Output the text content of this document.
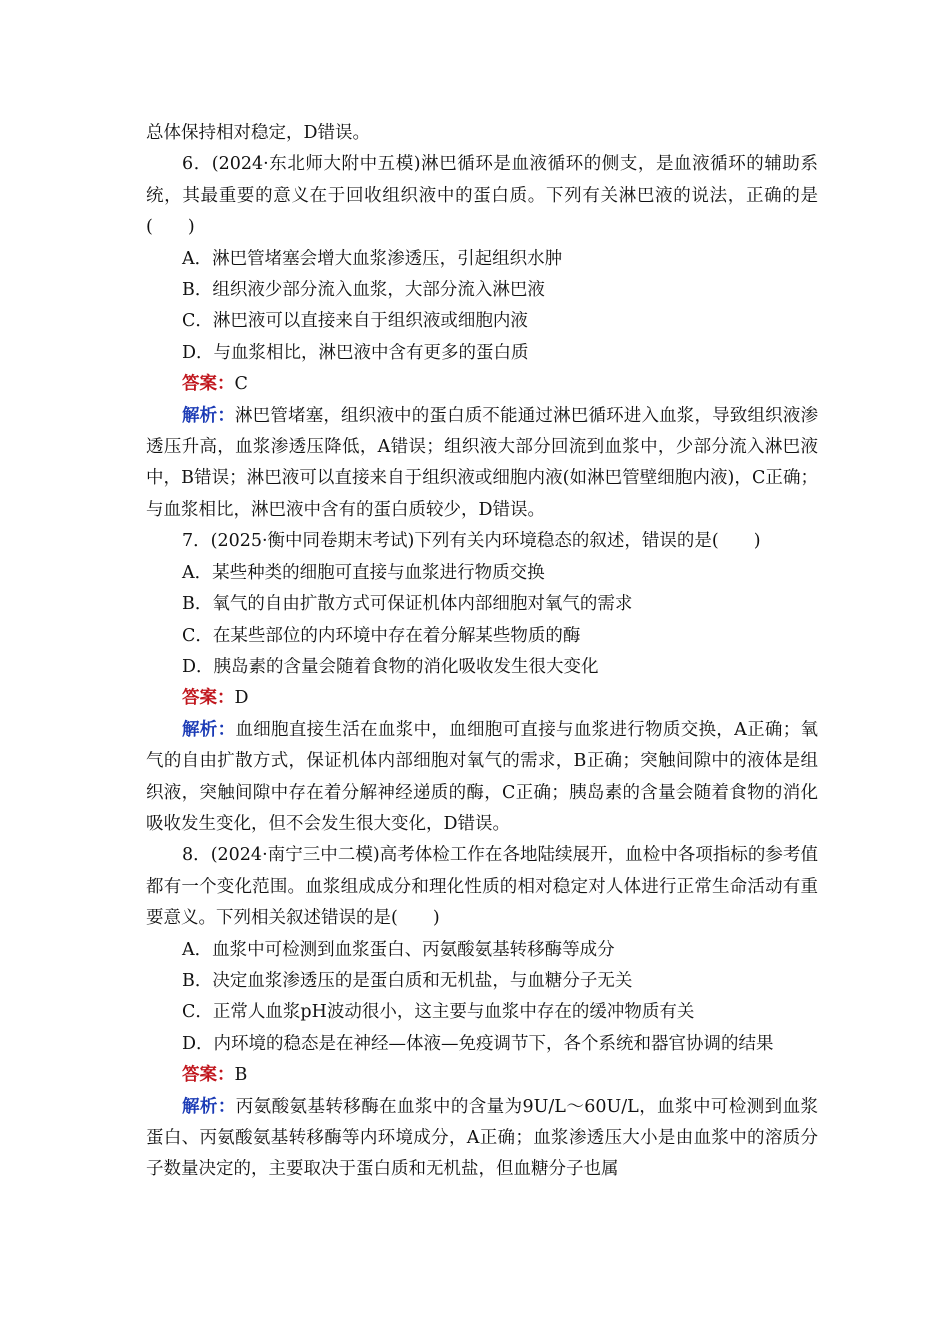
总体保持相对稳定，D错误。

6．(2024·东北师大附中五模)淋巴循环是血液循环的侧支，是血液循环的辅助系统，其最重要的意义在于回收组织液中的蛋白质。下列有关淋巴液的说法，正确的是(　　)

A．淋巴管堵塞会增大血浆渗透压，引起组织水肿

B．组织液少部分流入血浆，大部分流入淋巴液

C．淋巴液可以直接来自于组织液或细胞内液

D．与血浆相比，淋巴液中含有更多的蛋白质

答案：C

解析：淋巴管堵塞，组织液中的蛋白质不能通过淋巴循环进入血浆，导致组织液渗透压升高，血浆渗透压降低，A错误；组织液大部分回流到血浆中，少部分流入淋巴液中，B错误；淋巴液可以直接来自于组织液或细胞内液(如淋巴管壁细胞内液)，C正确；与血浆相比，淋巴液中含有的蛋白质较少，D错误。

7．(2025·衡中同卷期末考试)下列有关内环境稳态的叙述，错误的是(　　)

A．某些种类的细胞可直接与血浆进行物质交换

B．氧气的自由扩散方式可保证机体内部细胞对氧气的需求

C．在某些部位的内环境中存在着分解某些物质的酶

D．胰岛素的含量会随着食物的消化吸收发生很大变化

答案：D

解析：血细胞直接生活在血浆中，血细胞可直接与血浆进行物质交换，A正确；氧气的自由扩散方式，保证机体内部细胞对氧气的需求，B正确；突触间隙中的液体是组织液，突触间隙中存在着分解神经递质的酶，C正确；胰岛素的含量会随着食物的消化吸收发生变化，但不会发生很大变化，D错误。

8．(2024·南宁三中二模)高考体检工作在各地陆续展开，血检中各项指标的参考值都有一个变化范围。血浆组成成分和理化性质的相对稳定对人体进行正常生命活动有重要意义。下列相关叙述错误的是(　　)

A．血浆中可检测到血浆蛋白、丙氨酸氨基转移酶等成分

B．决定血浆渗透压的是蛋白质和无机盐，与血糖分子无关

C．正常人血浆pH波动很小，这主要与血浆中存在的缓冲物质有关

D．内环境的稳态是在神经—体液—免疫调节下，各个系统和器官协调的结果

答案：B

解析：丙氨酸氨基转移酶在血浆中的含量为9U/L～60U/L，血浆中可检测到血浆蛋白、丙氨酸氨基转移酶等内环境成分，A正确；血浆渗透压大小是由血浆中的溶质分子数量决定的，主要取决于蛋白质和无机盐，但血糖分子也属
